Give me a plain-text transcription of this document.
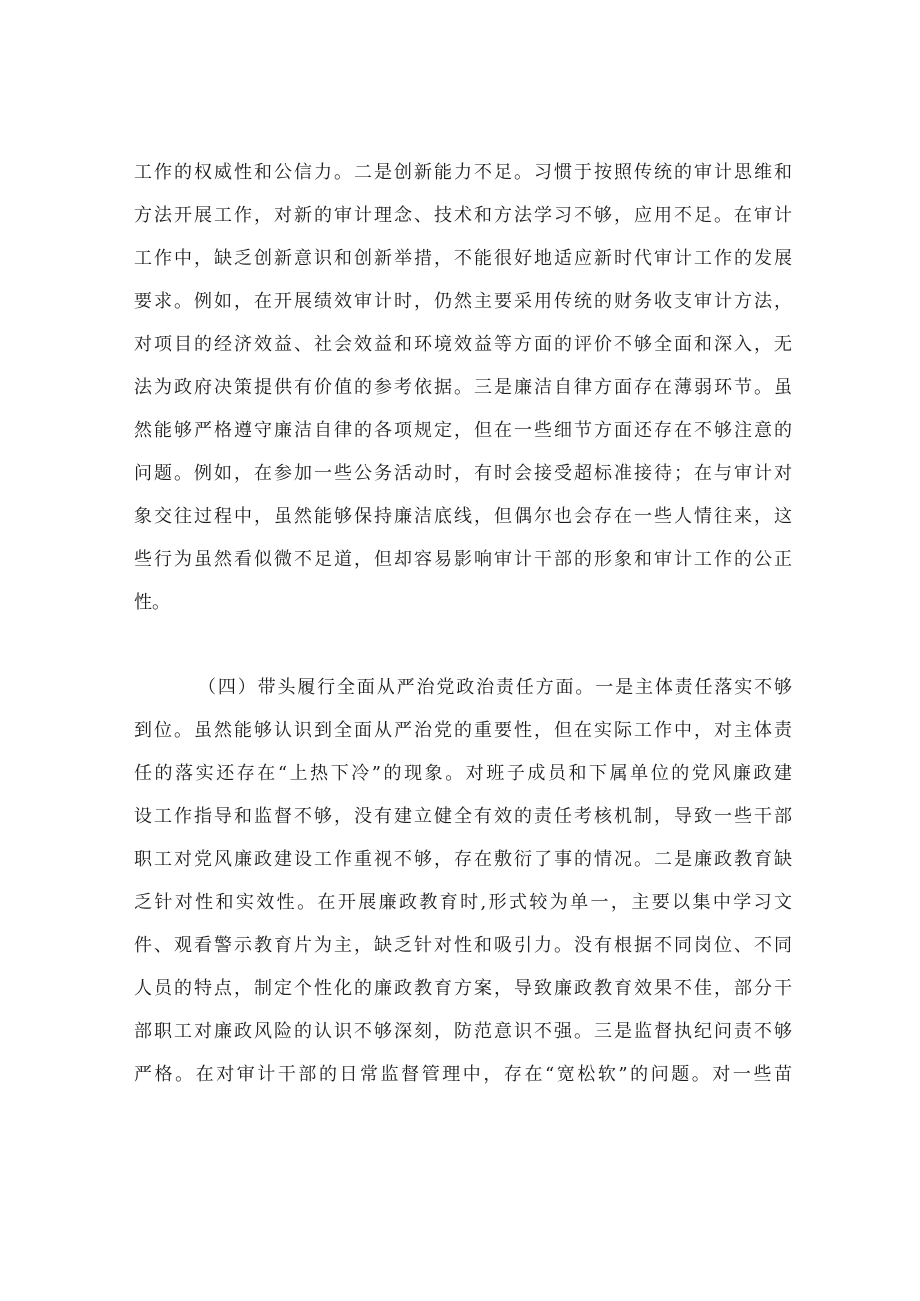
工作的权威性和公信力。二是创新能力不足。习惯于按照传统的审计思维和
方法开展工作，对新的审计理念、技术和方法学习不够，应用不足。在审计
工作中，缺乏创新意识和创新举措，不能很好地适应新时代审计工作的发展
要求。例如，在开展绩效审计时，仍然主要采用传统的财务收支审计方法，
对项目的经济效益、社会效益和环境效益等方面的评价不够全面和深入，无
法为政府决策提供有价值的参考依据。三是廉洁自律方面存在薄弱环节。虽
然能够严格遵守廉洁自律的各项规定，但在一些细节方面还存在不够注意的
问题。例如，在参加一些公务活动时，有时会接受超标准接待；在与审计对
象交往过程中，虽然能够保持廉洁底线，但偶尔也会存在一些人情往来，这
些行为虽然看似微不足道，但却容易影响审计干部的形象和审计工作的公正
性。
（四）带头履行全面从严治党政治责任方面。一是主体责任落实不够
到位。虽然能够认识到全面从严治党的重要性，但在实际工作中，对主体责
任的落实还存在“上热下冷”的现象。对班子成员和下属单位的党风廉政建
设工作指导和监督不够，没有建立健全有效的责任考核机制，导致一些干部
职工对党风廉政建设工作重视不够，存在敷衍了事的情况。二是廉政教育缺
乏针对性和实效性。在开展廉政教育时,形式较为单一，主要以集中学习文
件、观看警示教育片为主，缺乏针对性和吸引力。没有根据不同岗位、不同
人员的特点，制定个性化的廉政教育方案，导致廉政教育效果不佳，部分干
部职工对廉政风险的认识不够深刻，防范意识不强。三是监督执纪问责不够
严格。在对审计干部的日常监督管理中，存在“宽松软”的问题。对一些苗
